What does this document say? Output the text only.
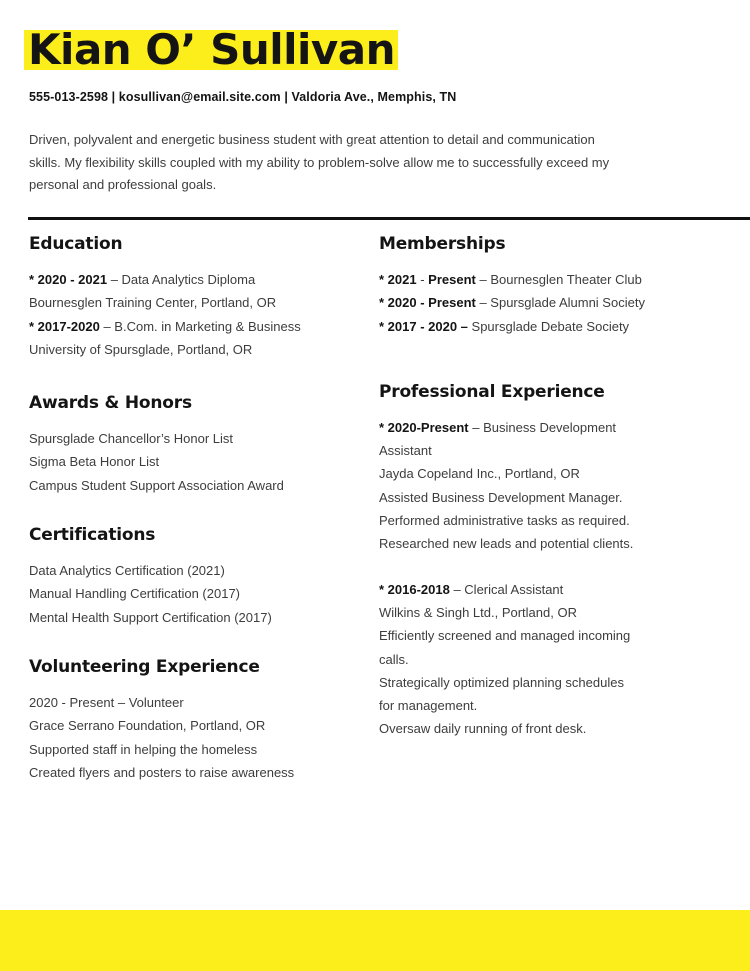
Kian O’ Sullivan
555-013-2598 | kosullivan@email.site.com | Valdoria Ave., Memphis, TN
Driven, polyvalent and energetic business student with great attention to detail and communication skills. My flexibility skills coupled with my ability to problem-solve allow me to successfully exceed my personal and professional goals.
Education
* 2020 - 2021 – Data Analytics Diploma
Bournesglen Training Center, Portland, OR
* 2017-2020 – B.Com. in Marketing & Business
University of Spursglade, Portland, OR
Awards & Honors
Spursglade Chancellor’s Honor List
Sigma Beta Honor List
Campus Student Support Association Award
Certifications
Data Analytics Certification (2021)
Manual Handling Certification (2017)
Mental Health Support Certification (2017)
Volunteering Experience
2020 - Present – Volunteer
Grace Serrano Foundation, Portland, OR
Supported staff in helping the homeless
Created flyers and posters to raise awareness
Memberships
* 2021 - Present – Bournesglen Theater Club
* 2020 - Present – Spursglade Alumni Society
* 2017 - 2020 – Spursglade Debate Society
Professional Experience
* 2020-Present – Business Development
Assistant
Jayda Copeland Inc., Portland, OR
Assisted Business Development Manager.
Performed administrative tasks as required.
Researched new leads and potential clients.
* 2016-2018 – Clerical Assistant
Wilkins & Singh Ltd., Portland, OR
Efficiently screened and managed incoming
calls.
Strategically optimized planning schedules
for management.
Oversaw daily running of front desk.
